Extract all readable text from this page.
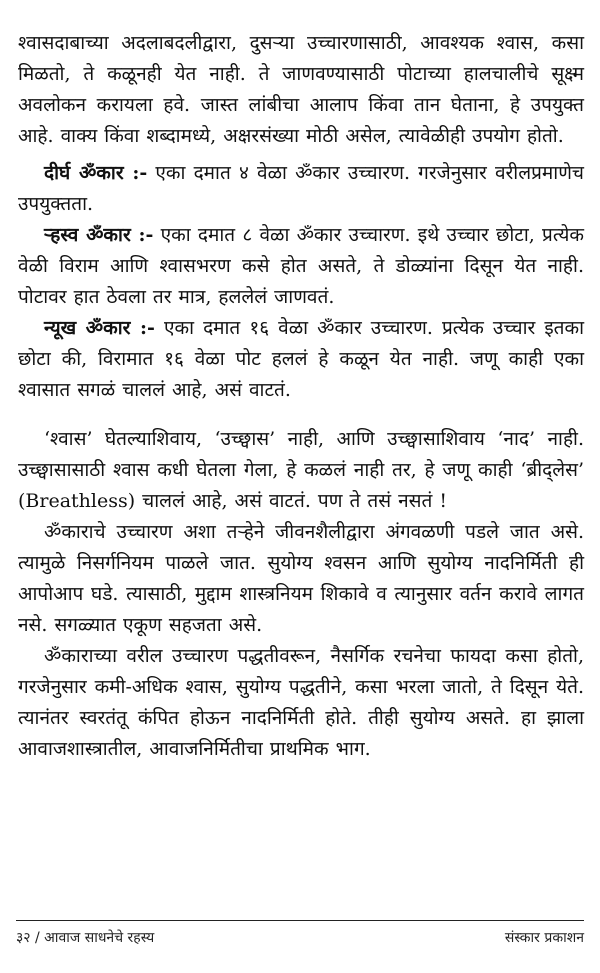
श्वासदाबाच्या अदलाबदलीद्वारा, दुसऱ्या उच्चारणासाठी, आवश्यक श्वास, कसा मिळतो, ते कळूनही येत नाही. ते जाणवण्यासाठी पोटाच्या हालचालीचे सूक्ष्म अवलोकन करायला हवे. जास्त लांबीचा आलाप किंवा तान घेताना, हे उपयुक्त आहे. वाक्य किंवा शब्दामध्ये, अक्षरसंख्या मोठी असेल, त्यावेळीही उपयोग होतो.

दीर्घ ॐकार :- एका दमात ४ वेळा ॐकार उच्चारण. गरजेनुसार वरीलप्रमाणेच उपयुक्तता.

ऱ्हस्व ॐकार :- एका दमात ८ वेळा ॐकार उच्चारण. इथे उच्चार छोटा, प्रत्येक वेळी विराम आणि श्वासभरण कसे होत असते, ते डोळ्यांना दिसून येत नाही. पोटावर हात ठेवला तर मात्र, हललेलं जाणवतं.

न्यूख ॐकार :- एका दमात १६ वेळा ॐकार उच्चारण. प्रत्येक उच्चार इतका छोटा की, विरामात १६ वेळा पोट हललं हे कळून येत नाही. जणू काही एका श्वासात सगळं चाललं आहे, असं वाटतं.

‘श्वास’ घेतल्याशिवाय, ‘उच्छ्वास’ नाही, आणि उच्छ्वासाशिवाय ‘नाद’ नाही. उच्छ्वासासाठी श्वास कधी घेतला गेला, हे कळलं नाही तर, हे जणू काही ‘ब्रीद्‌लेस’ (Breathless) चाललं आहे, असं वाटतं. पण ते तसं नसतं !

ॐकाराचे उच्चारण अशा तऱ्हेने जीवनशैलीद्वारा अंगवळणी पडले जात असे. त्यामुळे निसर्गनियम पाळले जात. सुयोग्य श्वसन आणि सुयोग्य नादनिर्मिती ही आपोआप घडे. त्यासाठी, मुद्दाम शास्त्रनियम शिकावे व त्यानुसार वर्तन करावे लागत नसे. सगळ्यात एकूण सहजता असे.

ॐकाराच्या वरील उच्चारण पद्धतीवरून, नैसर्गिक रचनेचा फायदा कसा होतो, गरजेनुसार कमी-अधिक श्वास, सुयोग्य पद्धतीने, कसा भरला जातो, ते दिसून येते. त्यानंतर स्वरतंतू कंपित होऊन नादनिर्मिती होते. तीही सुयोग्य असते. हा झाला आवाजशास्त्रातील, आवाजनिर्मितीचा प्राथमिक भाग.

३२ / आवाज साधनेचे रहस्य	संस्कार प्रकाशन
